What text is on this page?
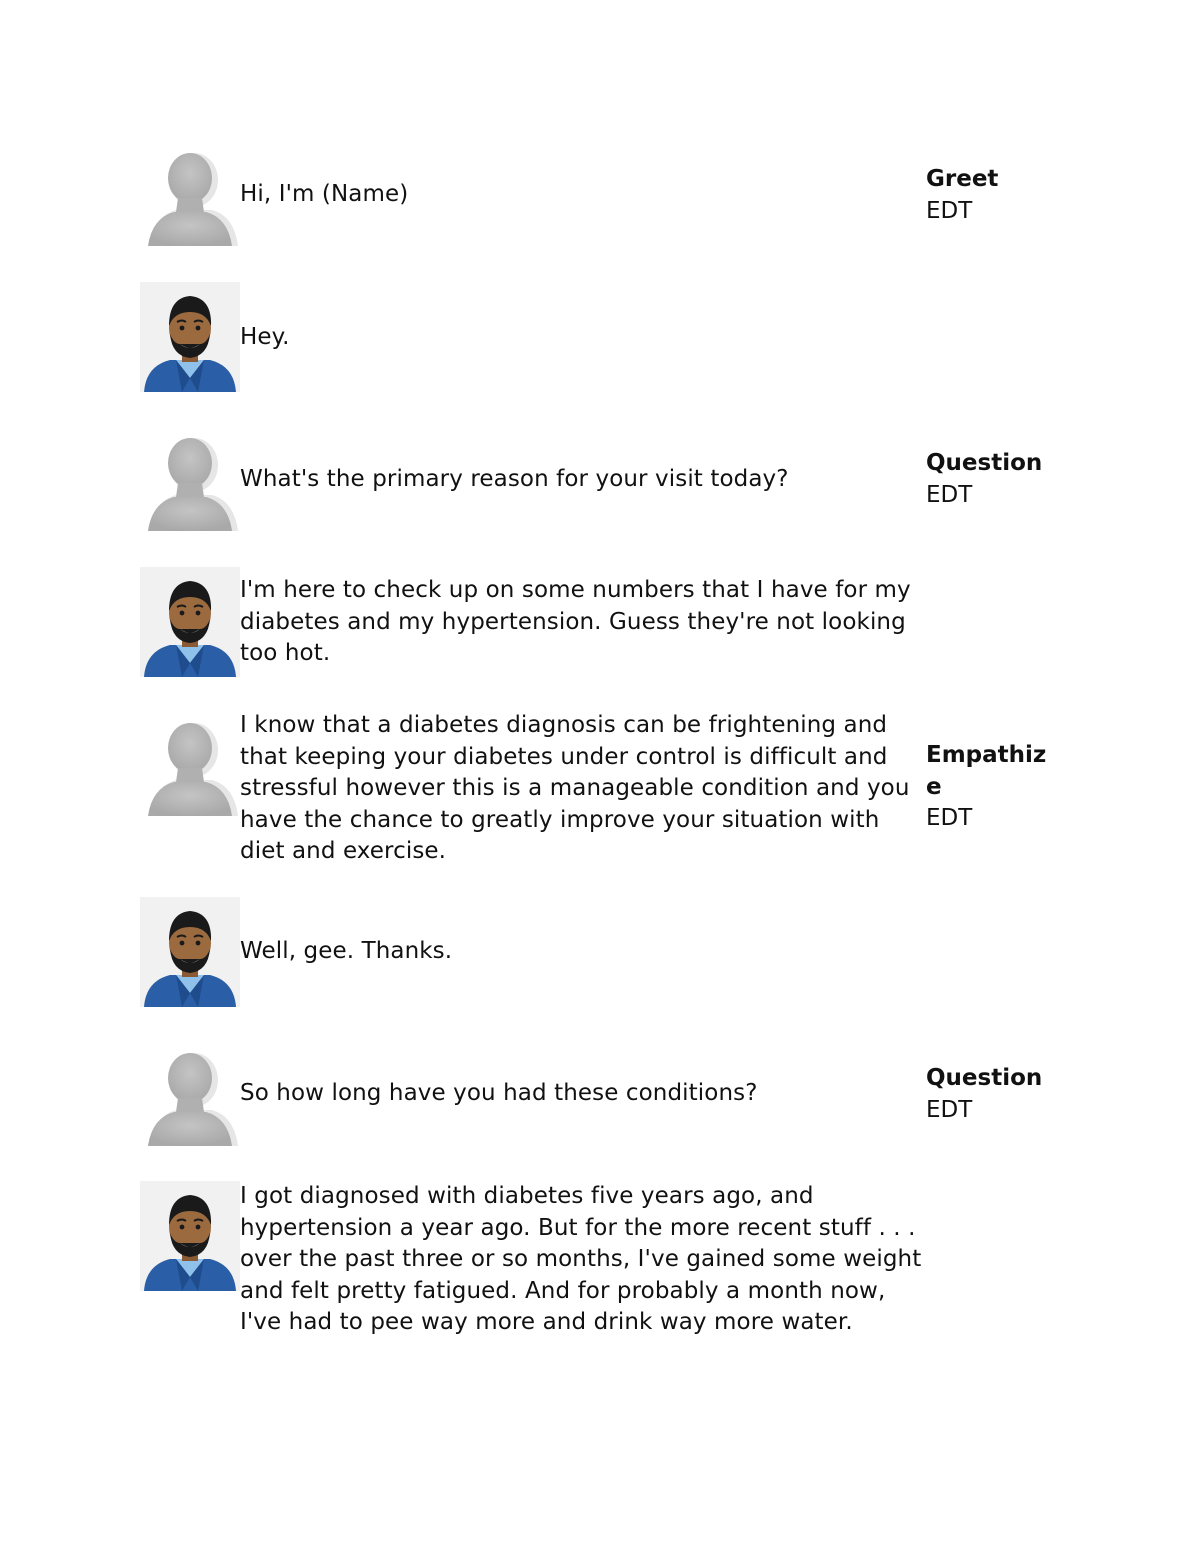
Hi, I'm (Name)
Greet
EDT
Hey.
What's the primary reason for your visit today?
Question
EDT
I'm here to check up on some numbers that I have for my diabetes and my hypertension. Guess they're not looking too hot.
I know that a diabetes diagnosis can be frightening and that keeping your diabetes under control is difficult and stressful however this is a manageable condition and you have the chance to greatly improve your situation with diet and exercise.
Empathize
EDT
Well, gee. Thanks.
So how long have you had these conditions?
Question
EDT
I got diagnosed with diabetes five years ago, and hypertension a year ago. But for the more recent stuff . . . over the past three or so months, I've gained some weight and felt pretty fatigued. And for probably a month now, I've had to pee way more and drink way more water.
